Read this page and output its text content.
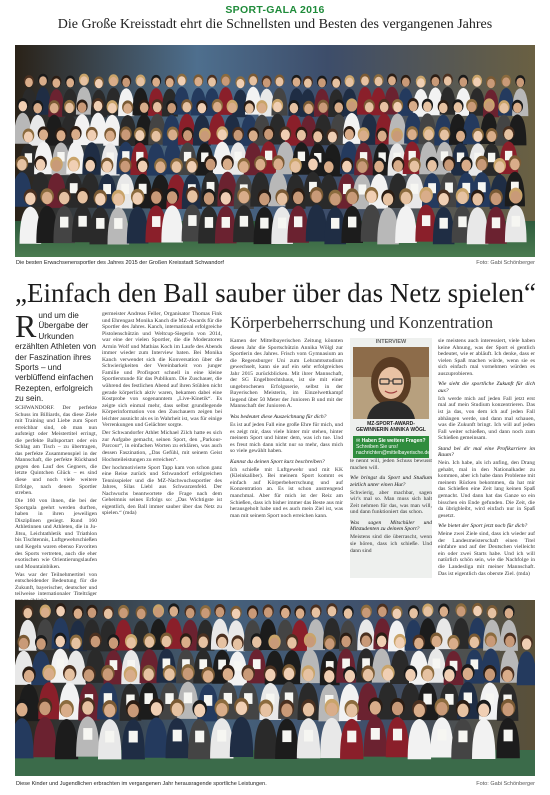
SPORT-GALA 2016
Die Große Kreisstadt ehrt die Schnellsten und Besten des vergangenen Jahres
Die besten Erwachsenensportler des Jahres 2015 der Großen Kreisstadt Schwandorf	Foto: Gabi Schönberger
„Einfach den Ball sauber über das Netz spielen“
R und um die Übergabe der Urkunden erzählten Athleten von der Faszination ihres Sports – und verblüffend einfachen Rezepten, erfolgreich zu sein.

SCHWANDORF. Der perfekte Schuss im Billiards, das diese Ziele mit Training und Liebe zum Sport erreichbar sind, ob man nun aufsteigt oder Meistertitel erringt, die perfekte Ballsportart oder ein Schlag am Tisch – zu übertragen, das perfekte Zusammenspiel in der Mannschaft, die perfekte Rückhand gegen den Lauf des Gegners, die letzte Quintchen Glück – es sind diese und noch viele weitere Erfolge, nach denen Sportler streben.

Die 160 von ihnen, die bei der Sportgala geehrt werden durften, haben in ihren jeweiligen Disziplinen gesiegt. Rund 160 Athletinnen und Athleten, die in Ju-Jitsu, Leichtathletik und Triathlon bis Tischtennis, Luftgewehrschießen und Kegeln waren ebenso Favoriten des Sports vertreten, auch die eher exotischen wie Orientierungslaufen und Mountainbiken.

Was war der Teilnehmertitel von entscheidender Bedeutung für die Zukunft, bayerischer, deutscher und teilweise internationaler Titelträger

germeister Andreas Feller, Organisator Thomas Fink und Ehrengast Monika Kanch die MZ-Awards für die Sportler des Jahres. Kanch, international erfolgreiche Pistolenschützin und Weltcup-Siegerin von 2014, war eine der vielen Sportler, die die Moderatoren Armin Wolf und Mathias Koch im Laufe des Abends immer wieder zum Interview baten. Bei Monika Kanch verwendet sich die Konversation über die Schwierigkeiten der Vereinbarkeit von junger Familie und Profisport schnell in eine kleine Sportlerstunde für das Publikum. Die Zuschauer, die während des festlichen Abend auf ihren Stühlen nicht gerade körperlich aktiv waren, bekamen dabei eine Kostprobe von sogenanntem „Live-Kinetik“. Es zeigte sich einmal mehr, dass selbst grundlegende Körperinformation von den Zuschauern zeigen bei leichter ausnicht als es in Wahrheit ist, was für einige Verrenkungen und Gelächter sorgte.

Der Schwandorfer Athlet Michael Zilch hatte es sich zur Aufgabe gemacht, seinen Sport, den „Parkour-Parcour“, in einfachen Worten zu erklären, was auch dessen Faszination, „Das Gefühl, mit seinem Geist Hochsteileistungen zu erreichen“.

Der hochmotivierte Sport Tapp kam von schon ganz eine Reise zurück und Schwandorf erfolgreichen Tennisspieler und die MZ-Nachwuchssportler des Jahres, Silas Liebl aus Schwarzenfeld. Der Nachwuchs beantwortete die Frage nach dem Geheimnis seines Erfolgs so: „Das Wichtigste ist eigentlich, den Ball immer sauber über das Netz zu spielen.“ (mda)

Körperbeherrschung und Konzentration

Kamen der Mittelbayerischen Zeitung könnten diesen Jahr die Sportschützin Annika Wölgl zur Sportlerin des Jahres. Frisch vom Gymnasium an die Regensburger Uni zum Lehramtsstudium gewechselt, kann sie auf ein sehr erfolgreiches Jahr 2015 zurückblicken. Mit ihrer Mannschaft, der SG Engelbrechtshaus, ist sie mit einer ungebrochenen Erfolgsserie, selbst in der Bayerischen Meisterin, im Einzelwettkampf liegend über 50 Meter der Junioren B und mit der Mannschaft der Junioren A.

Was bedeutet diese Auszeichnung für dich?

Es ist auf jeden Fall eine große Ehre für mich, und es zeigt mir, dass viele hinter mir stehen, hinter meinem Sport und hinter dem, was ich tue. Und es freut mich dann nicht nur so mehr, dass mich so viele gewählt haben.

Kannst du deinen Sport kurz beschreiben?

Ich schieße mit Luftgewehr und mit KK (Kleinkaliber). Bei meinem Sport kommt es einfach auf Körperbeherrschung und auf Konzentration an. Es ist schon anstrengend manchmal. Aber für mich ist der Reiz am Schießen, dass ich bisher immer das Beste aus mir herausgeholt habe und es auch mein Ziel ist, was man mit seinem Sport noch erreichen kann.

INTERVIEW
MZ-SPORT-AWARD-GEWINNERIN ANNIKA WÖGL
✉ Haben Sie weitere Fragen? Schreiben Sie uns! nachrichten@mittelbayerische.de

te nennt will, jeden Schuss bewusst machen will.

Wie bringst du Sport und Studium zeitlich unter einen Hut?

Schwierig, aber machbar, sagen wir's mal so. Man muss sich halt Zeit nehmen für das, was man will, und dann funktioniert das schon.

Was sagen Mitschüler und Mitstudenten zu deinem Sport?

Meistens sind die überrascht, wenn sie hören, dass ich schieße. Und dann sind

sie meistens auch interessiert, viele haben keine Ahnung, was der Sport ei gentlich bedeutet, wie er abläuft. Ich denke, dass er vielen Spaß machen würde, wenn sie es sich einfach mal vornehmen würden es auszuprobieren.

Wie sieht die sportliche Zukunft für dich aus?

Ich werde mich auf jeden Fall jetzt erst mal auf mein Studium konzentrieren. Das ist ja das, von dem ich auf jeden Fall abhängen werde, und dann mal schauen, was die Zukunft bringt. Ich will auf jeden Fall weiter schießen, und dann noch zum Schießen gemeinsam.

Stand bei dir mal eine Profikarriere im Raum?

Nein. Ich habe, als ich anfing, den Drang gehabt, mal in den Nationalkader zu kommen, aber ich habe dann Probleme mit meinem Rücken bekommen, da hat mir das Schießen eine Zeit lang keinen Spaß gemacht. Und dann hat das Ganze so ein bisschen ein Ende gefunden. Die Zeit, die da übrigbleibt, wird einfach nur in Spaß gesetzt.

Wie bietet der Sport jetzt noch für dich?

Meine zwei Ziele sind, dass ich wieder auf der Landesmeisterschaft einen Titel einfahre und auf der Deutschen vielleicht ein oder zwei Starts habe. Und ich will natürlich schön sein, wie die Nachfolge in die Landesliga mit meiner Mannschaft. Das ist eigentlich das oberste Ziel. (mda)

Diese Kinder und Jugendlichen erbrachten im vergangenen Jahr herausragende sportliche Leistungen.	Foto: Gabi Schönberger
